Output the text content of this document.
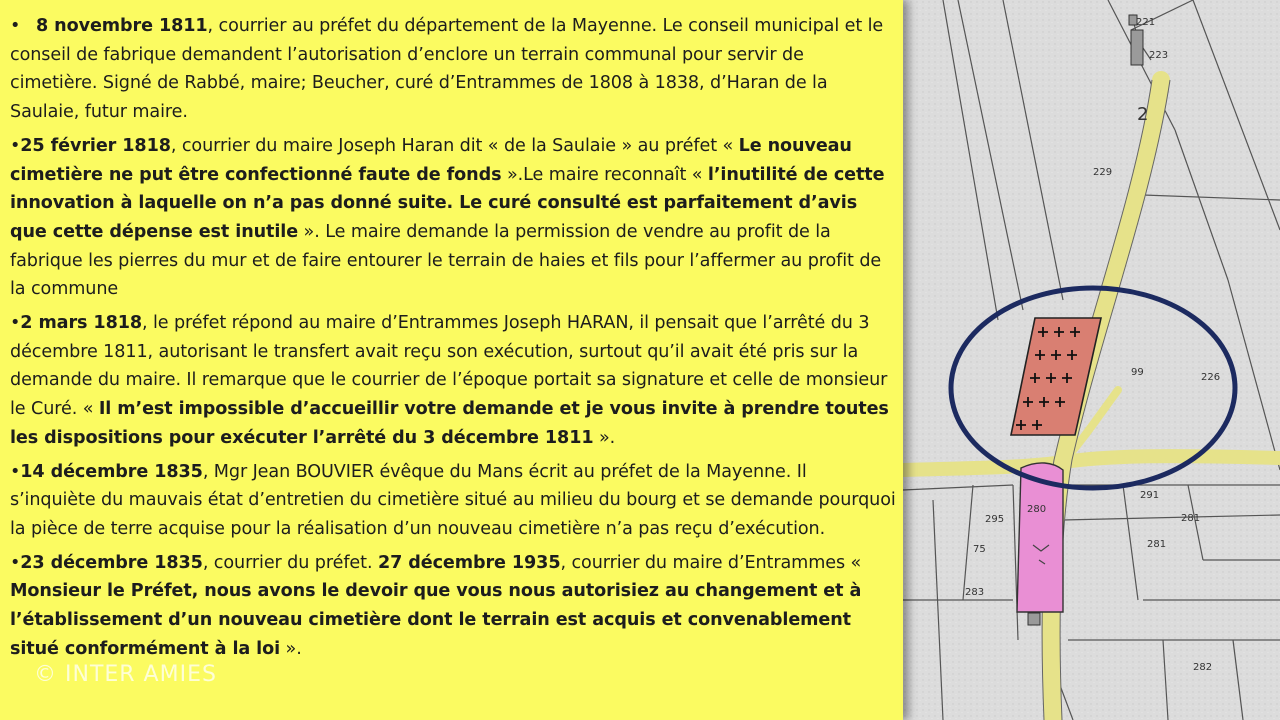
• 8 novembre 1811, courrier au préfet du département de la Mayenne. Le conseil municipal et le conseil de fabrique demandent l’autorisation d’enclore un terrain communal pour servir de cimetière. Signé de Rabbé, maire; Beucher, curé d’Entrammes de 1808 à 1838, d’Haran de la Saulaie, futur maire.

•25 février 1818, courrier du maire Joseph Haran dit « de la Saulaie » au préfet « Le nouveau cimetière ne put être confectionné faute de fonds ».Le maire reconnaît « l’inutilité de cette innovation à laquelle on n’a pas donné suite. Le curé consulté est parfaitement d’avis que cette dépense est inutile ». Le maire demande la permission de vendre au profit de la fabrique les pierres du mur et de faire entourer le terrain de haies et fils pour l’affermer au profit de la commune

•2 mars 1818, le préfet répond au maire d’Entrammes Joseph HARAN, il pensait que l’arrêté du 3 décembre 1811, autorisant le transfert avait reçu son exécution, surtout qu’il avait été pris sur la demande du maire. Il remarque que le courrier de l’époque portait sa signature et celle de monsieur le Curé. « Il m’est impossible d’accueillir votre demande et je vous invite à prendre toutes les dispositions pour exécuter l’arrêté du 3 décembre 1811 ».

•14 décembre 1835, Mgr Jean BOUVIER évêque du Mans écrit au préfet de la Mayenne. Il s’inquiète du mauvais état d’entretien du cimetière situé au milieu du bourg et se demande pourquoi la pièce de terre acquise pour la réalisation d’un nouveau cimetière n’a pas reçu d’exécution.

•23 décembre 1835, courrier du préfet. 27 décembre 1935, courrier du maire d’Entrammes « Monsieur le Préfet, nous avons le devoir que vous nous autorisiez au changement et à l’établissement d’un nouveau cimetière dont le terrain est acquis et convenablement situé conformément à la loi ».

© INTER AMIES
221
223
2
229
99
280
295
291
281
282
281
75
283
226
